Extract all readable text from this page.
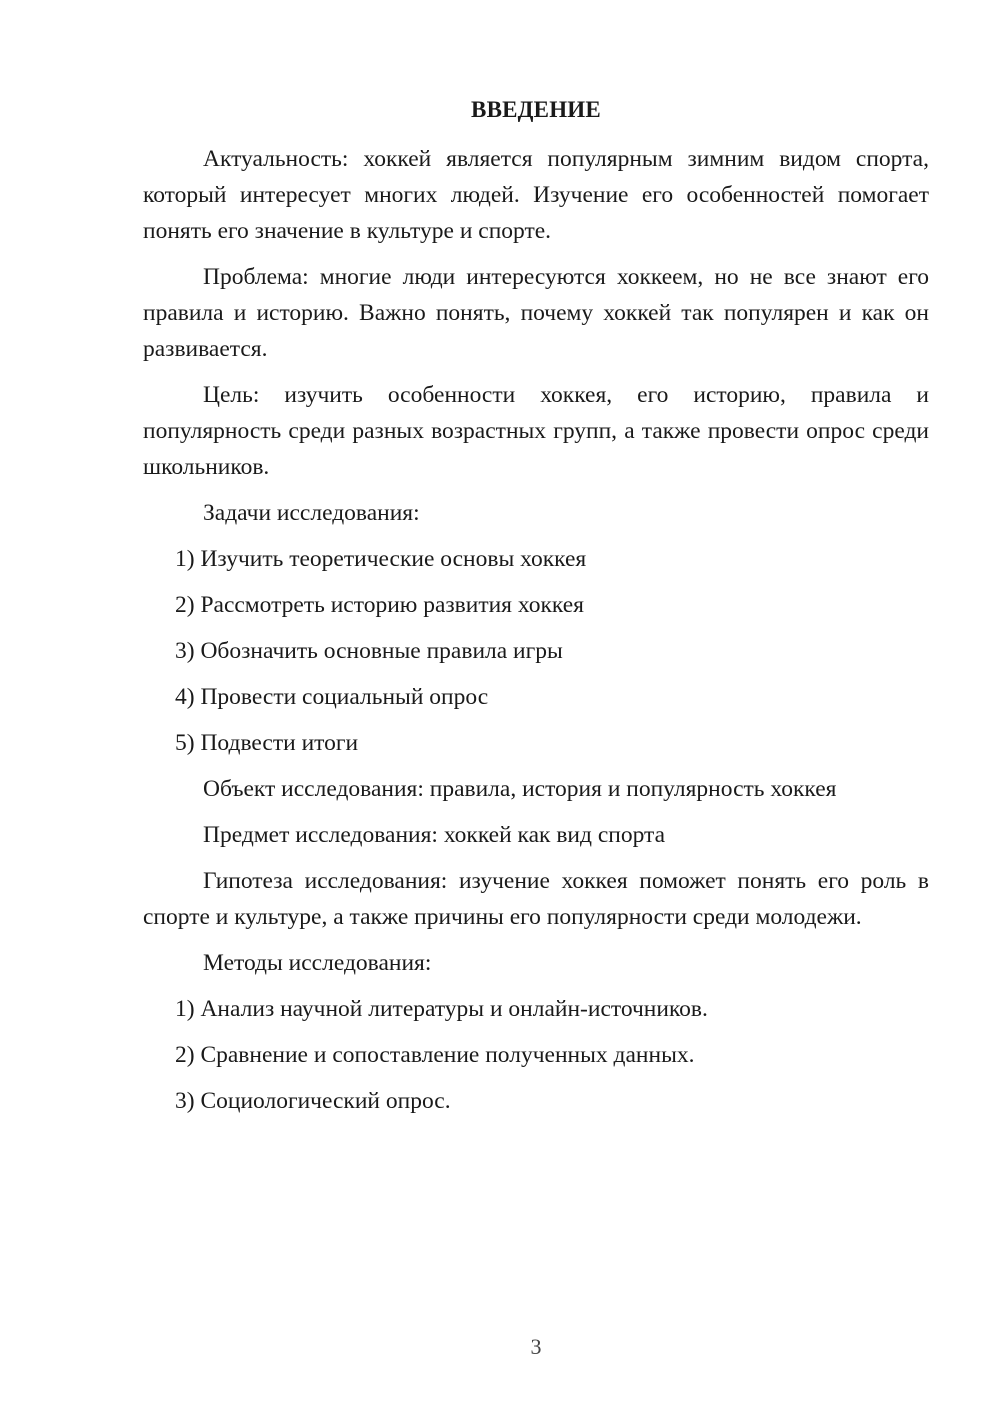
ВВЕДЕНИЕ

Актуальность: хоккей является популярным зимним видом спорта, который интересует многих людей. Изучение его особенностей помогает понять его значение в культуре и спорте.

Проблема: многие люди интересуются хоккеем, но не все знают его правила и историю. Важно понять, почему хоккей так популярен и как он развивается.

Цель: изучить особенности хоккея, его историю, правила и популярность среди разных возрастных групп, а также провести опрос среди школьников.

Задачи исследования:

1) Изучить теоретические основы хоккея

2) Рассмотреть историю развития хоккея

3) Обозначить основные правила игры

4) Провести социальный опрос

5) Подвести итоги

Объект исследования: правила, история и популярность хоккея

Предмет исследования: хоккей как вид спорта

Гипотеза исследования: изучение хоккея поможет понять его роль в спорте и культуре, а также причины его популярности среди молодежи.

Методы исследования:

1) Анализ научной литературы и онлайн-источников.

2) Сравнение и сопоставление полученных данных.

3) Социологический опрос.

3
